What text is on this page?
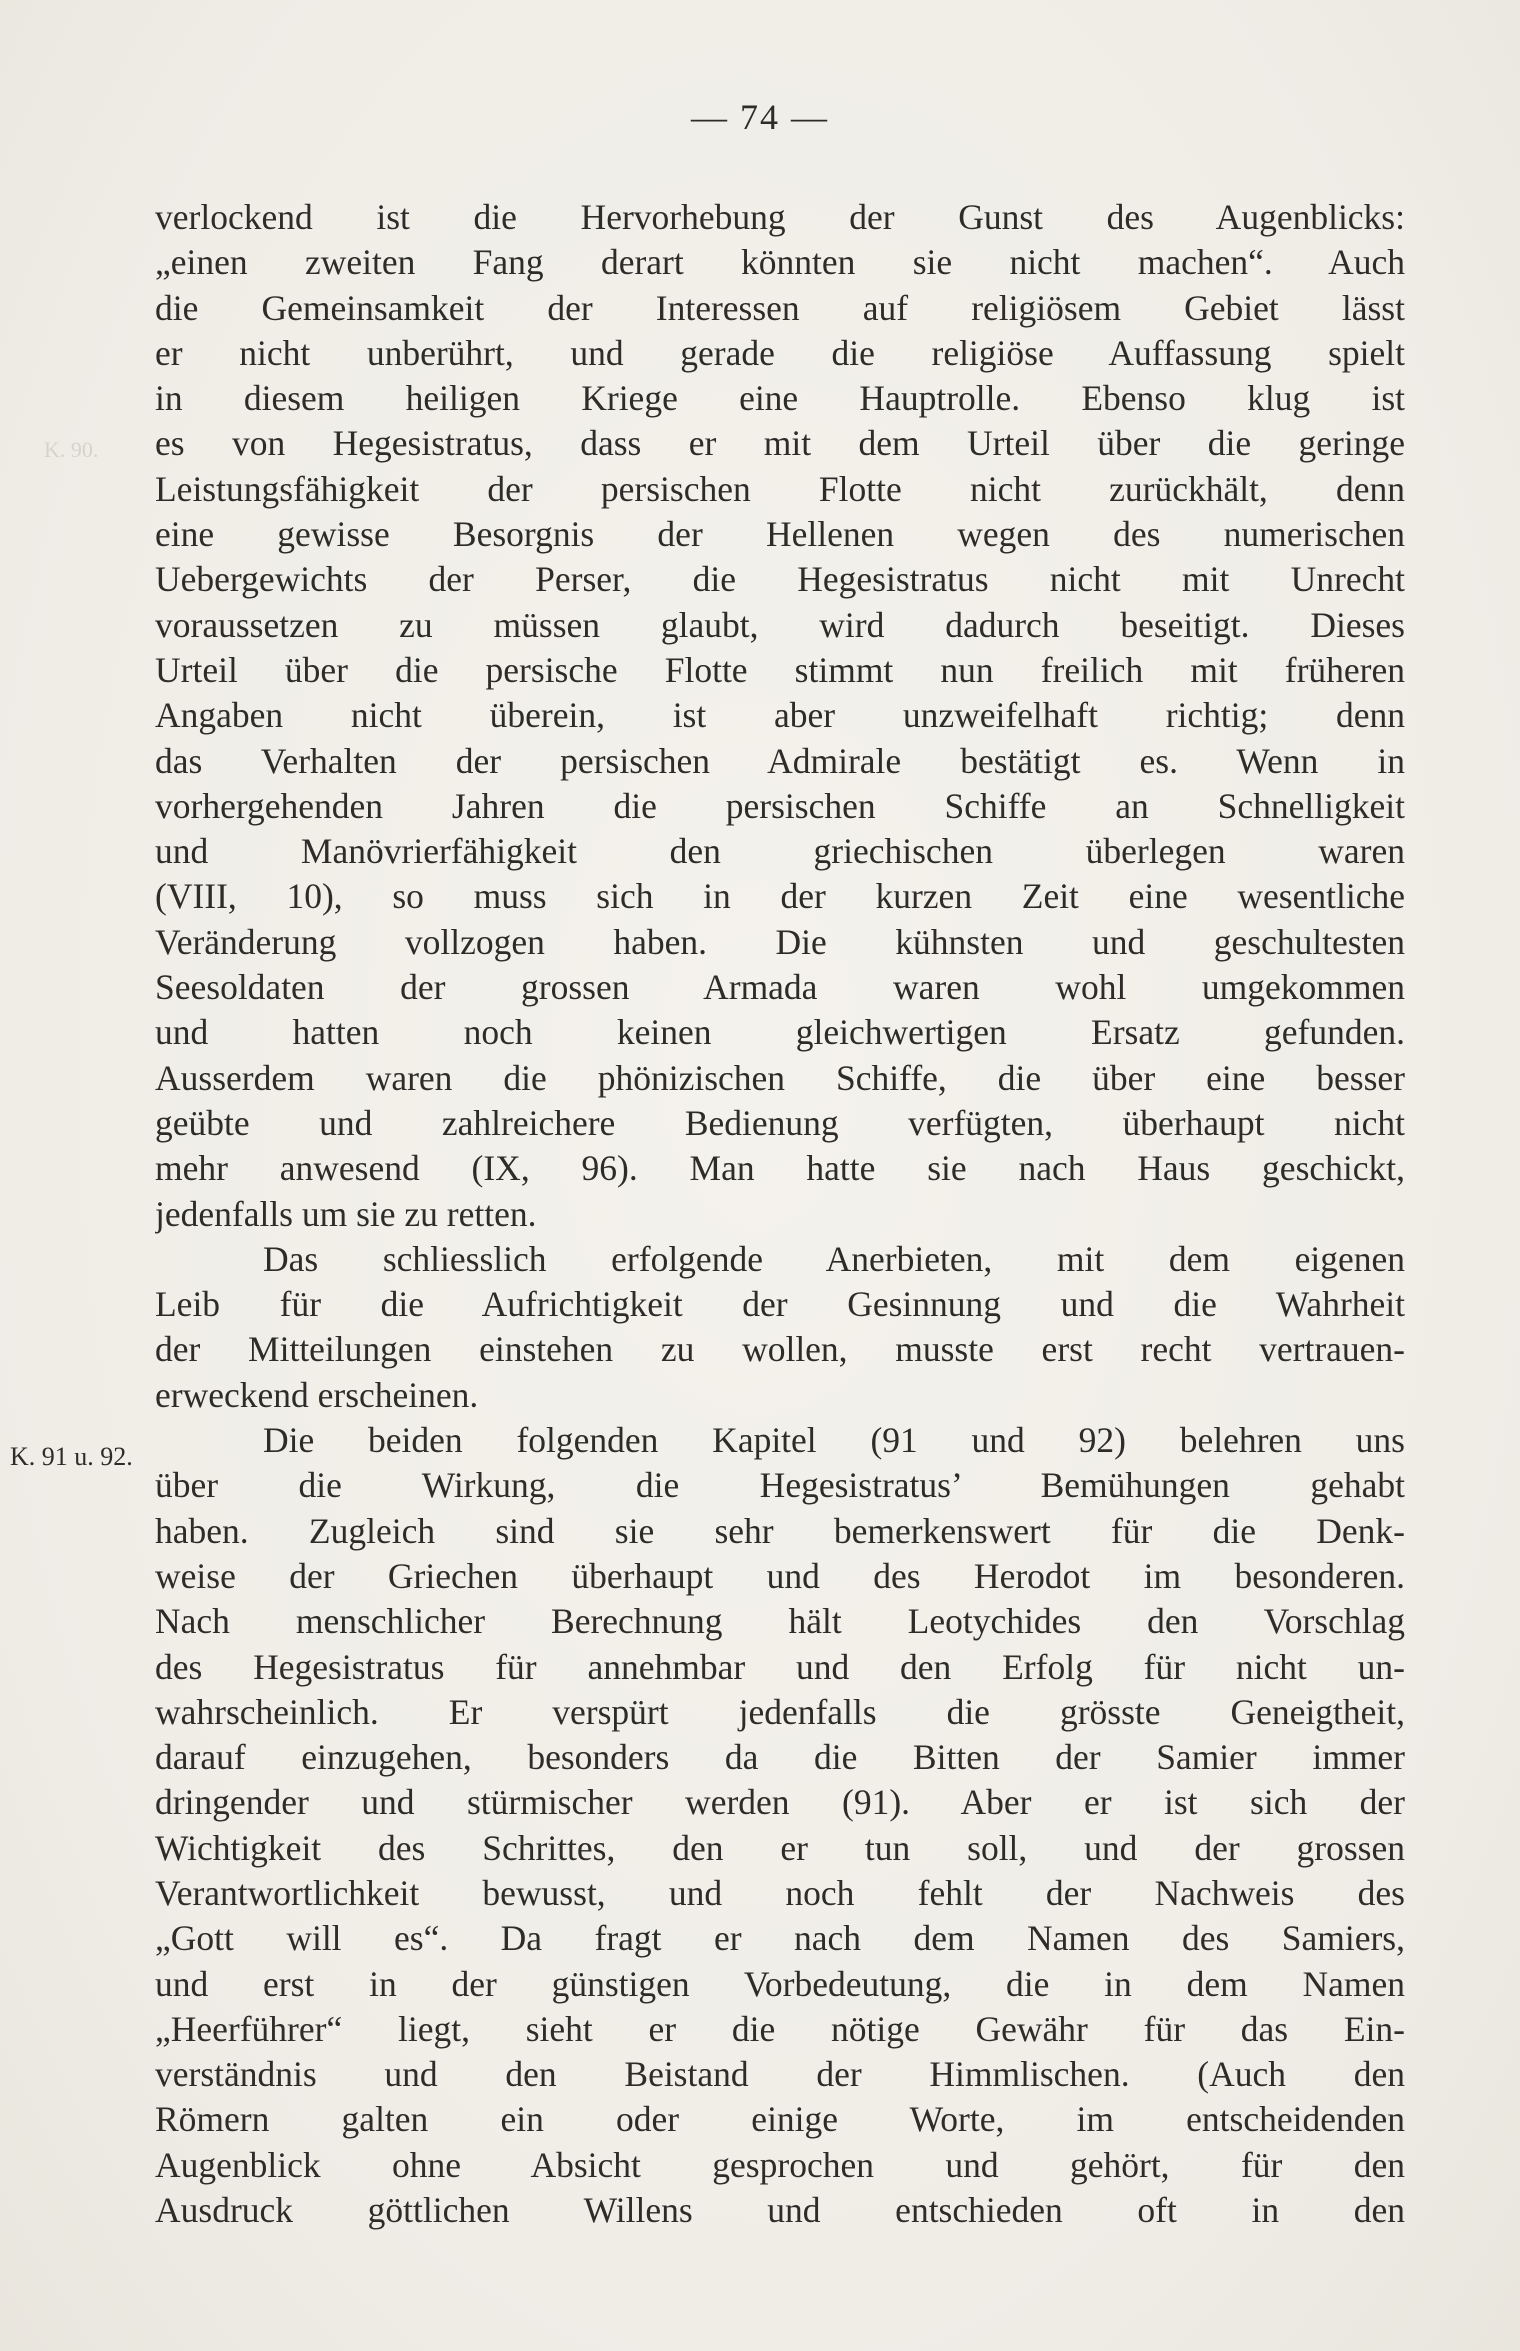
— 74 —
K. 90.
K. 91 u. 92.
verlockend ist die Hervorhebung der Gunst des Augenblicks:
„einen zweiten Fang derart könnten sie nicht machen“. Auch
die Gemeinsamkeit der Interessen auf religiösem Gebiet lässt
er nicht unberührt, und gerade die religiöse Auffassung spielt
in diesem heiligen Kriege eine Hauptrolle. Ebenso klug ist
es von Hegesistratus, dass er mit dem Urteil über die geringe
Leistungsfähigkeit der persischen Flotte nicht zurückhält, denn
eine gewisse Besorgnis der Hellenen wegen des numerischen
Uebergewichts der Perser, die Hegesistratus nicht mit Unrecht
voraussetzen zu müssen glaubt, wird dadurch beseitigt. Dieses
Urteil über die persische Flotte stimmt nun freilich mit früheren
Angaben nicht überein, ist aber unzweifelhaft richtig; denn
das Verhalten der persischen Admirale bestätigt es. Wenn in
vorhergehenden Jahren die persischen Schiffe an Schnelligkeit
und Manövrierfähigkeit den griechischen überlegen waren
(VIII, 10), so muss sich in der kurzen Zeit eine wesentliche
Veränderung vollzogen haben. Die kühnsten und geschultesten
Seesoldaten der grossen Armada waren wohl umgekommen
und hatten noch keinen gleichwertigen Ersatz gefunden.
Ausserdem waren die phönizischen Schiffe, die über eine besser
geübte und zahlreichere Bedienung verfügten, überhaupt nicht
mehr anwesend (IX, 96). Man hatte sie nach Haus geschickt,
jedenfalls um sie zu retten.
Das schliesslich erfolgende Anerbieten, mit dem eigenen
Leib für die Aufrichtigkeit der Gesinnung und die Wahrheit
der Mitteilungen einstehen zu wollen, musste erst recht vertrauen-
erweckend erscheinen.
Die beiden folgenden Kapitel (91 und 92) belehren uns
über die Wirkung, die Hegesistratus’ Bemühungen gehabt
haben. Zugleich sind sie sehr bemerkenswert für die Denk-
weise der Griechen überhaupt und des Herodot im besonderen.
Nach menschlicher Berechnung hält Leotychides den Vorschlag
des Hegesistratus für annehmbar und den Erfolg für nicht un-
wahrscheinlich. Er verspürt jedenfalls die grösste Geneigtheit,
darauf einzugehen, besonders da die Bitten der Samier immer
dringender und stürmischer werden (91). Aber er ist sich der
Wichtigkeit des Schrittes, den er tun soll, und der grossen
Verantwortlichkeit bewusst, und noch fehlt der Nachweis des
„Gott will es“. Da fragt er nach dem Namen des Samiers,
und erst in der günstigen Vorbedeutung, die in dem Namen
„Heerführer“ liegt, sieht er die nötige Gewähr für das Ein-
verständnis und den Beistand der Himmlischen. (Auch den
Römern galten ein oder einige Worte, im entscheidenden
Augenblick ohne Absicht gesprochen und gehört, für den
Ausdruck göttlichen Willens und entschieden oft in den
